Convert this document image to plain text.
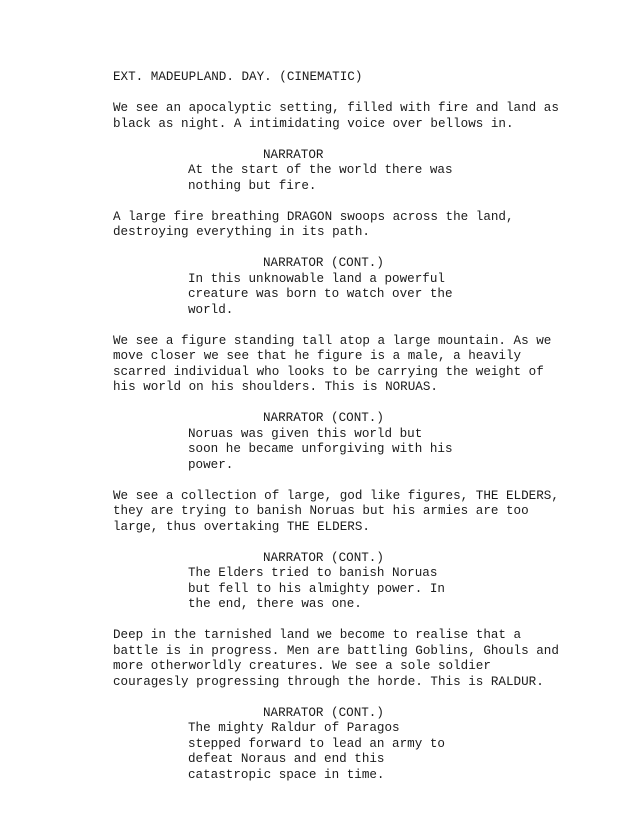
EXT. MADEUPLAND. DAY. (CINEMATIC)
We see an apocalyptic setting, filled with fire and land as
black as night. A intimidating voice over bellows in.
NARRATOR
At the start of the world there was
nothing but fire.
A large fire breathing DRAGON swoops across the land,
destroying everything in its path.
NARRATOR (CONT.)
In this unknowable land a powerful
creature was born to watch over the
world.
We see a figure standing tall atop a large mountain. As we
move closer we see that he figure is a male, a heavily
scarred individual who looks to be carrying the weight of
his world on his shoulders. This is NORUAS.
NARRATOR (CONT.)
Noruas was given this world but
soon he became unforgiving with his
power.
We see a collection of large, god like figures, THE ELDERS,
they are trying to banish Noruas but his armies are too
large, thus overtaking THE ELDERS.
NARRATOR (CONT.)
The Elders tried to banish Noruas
but fell to his almighty power. In
the end, there was one.
Deep in the tarnished land we become to realise that a
battle is in progress. Men are battling Goblins, Ghouls and
more otherworldly creatures. We see a sole soldier
couragesly progressing through the horde. This is RALDUR.
NARRATOR (CONT.)
The mighty Raldur of Paragos
stepped forward to lead an army to
defeat Noraus and end this
catastropic space in time.
